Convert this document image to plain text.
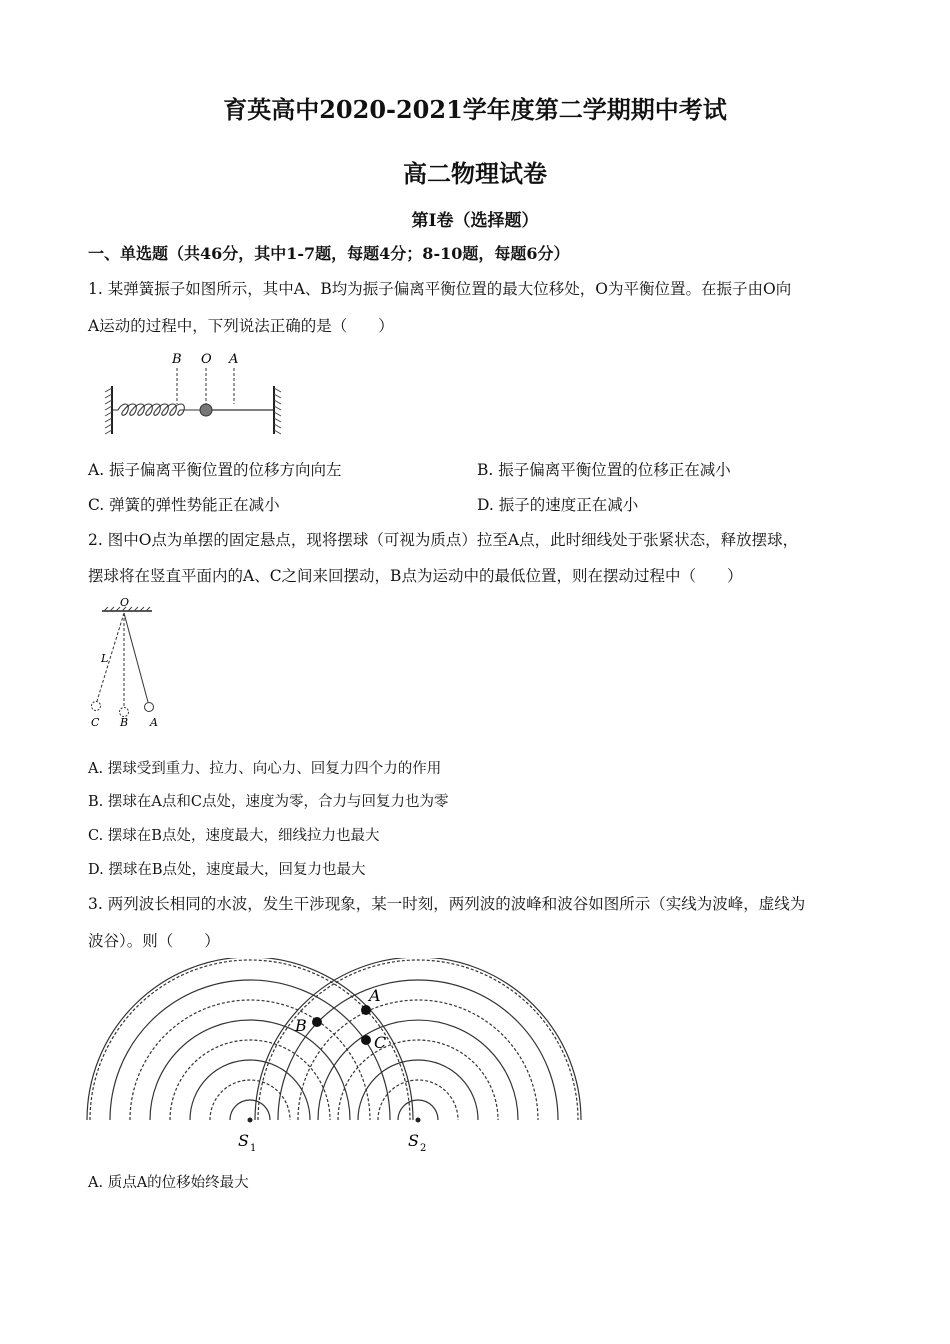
育英高中2020-2021学年度第二学期期中考试
高二物理试卷
第Ⅰ卷（选择题）
一、单选题（共46分，其中1-7题，每题4分；8-10题，每题6分）
1. 某弹簧振子如图所示，其中A、B均为振子偏离平衡位置的最大位移处，O为平衡位置。在振子由O向
A运动的过程中，下列说法正确的是（　　）
B O A
A. 振子偏离平衡位置的位移方向向左	B. 振子偏离平衡位置的位移正在减小
C. 弹簧的弹性势能正在减小	D. 振子的速度正在减小
2. 图中O点为单摆的固定悬点，现将摆球（可视为质点）拉至A点，此时细线处于张紧状态，释放摆球，
摆球将在竖直平面内的A、C之间来回摆动，B点为运动中的最低位置，则在摆动过程中（　　）
O
L
C B A
A. 摆球受到重力、拉力、向心力、回复力四个力的作用
B. 摆球在A点和C点处，速度为零，合力与回复力也为零
C. 摆球在B点处，速度最大，细线拉力也最大
D. 摆球在B点处，速度最大，回复力也最大
3. 两列波长相同的水波，发生干涉现象，某一时刻，两列波的波峰和波谷如图所示（实线为波峰，虚线为
波谷）。则（　　）
A
B
C
S 1	S 2
A. 质点A的位移始终最大
